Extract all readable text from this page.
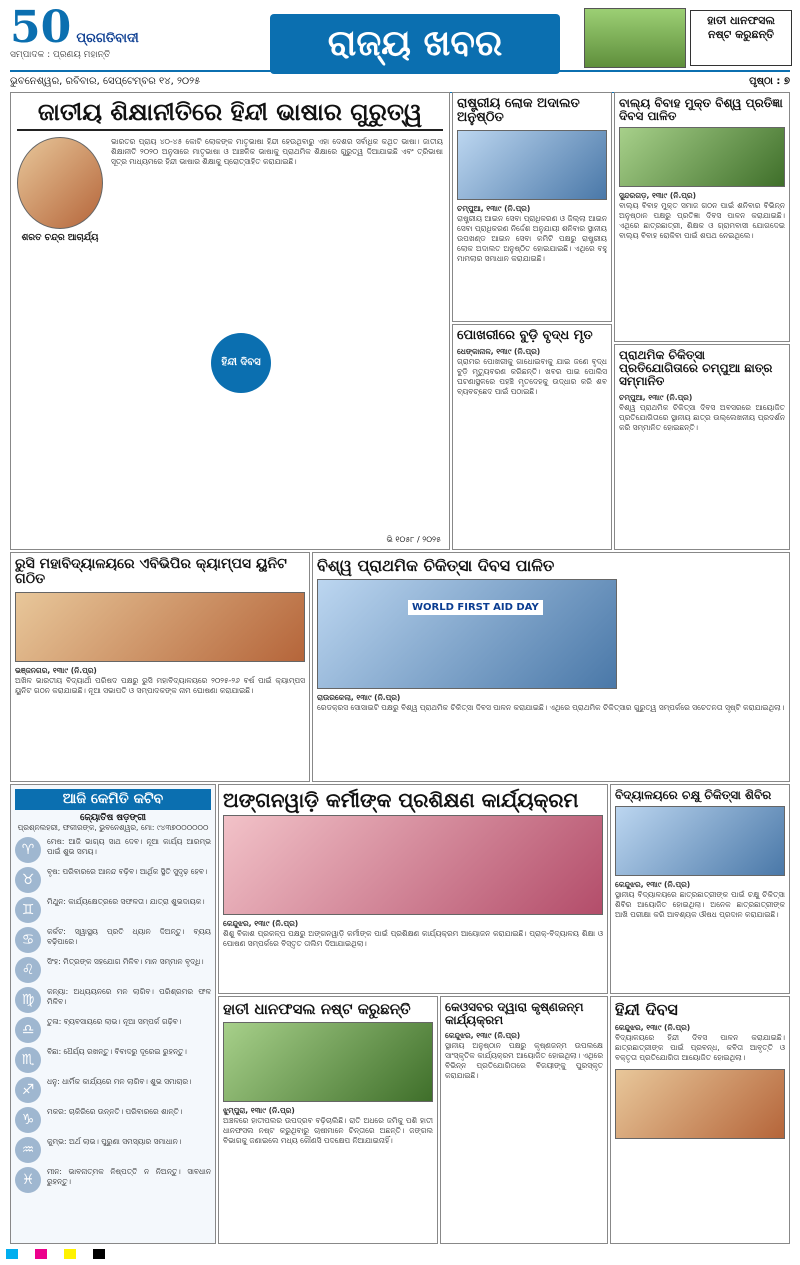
50 ପ୍ରଗତିବାଦୀ
ସମ୍ପାଦକ : ପ୍ରଣୟ ମହାନ୍ତି	ରାଜ୍ୟ ଖବର
ହାତୀ ଧାନଫସଲ ନଷ୍ଟ କରୁଛନ୍ତି
ଭୁବନେଶ୍ୱର, ରବିବାର, ସେପ୍ଟେମ୍ବର ୧୪, ୨୦୨୫	ପୃଷ୍ଠା : ୭
ଜାତୀୟ ଶିକ୍ଷାନୀତିରେ ହିନ୍ଦୀ ଭାଷାର ଗୁରୁତ୍ୱ
ଶରତ ଚନ୍ଦ୍ର ଆଚାର୍ଯ୍ୟ
ଭାରତର ପ୍ରାୟ ୪୦-୪୫ କୋଟି ଲୋକଙ୍କ ମାତୃଭାଷା ହିନ୍ଦୀ ହେଉଥିବାରୁ ଏହା ଦେଶର ସର୍ବାଧିକ କଥିତ ଭାଷା। ଜାତୀୟ ଶିକ୍ଷାନୀତି ୨୦୨୦ ଅନୁସାରେ ମାତୃଭାଷା ଓ ଆଞ୍ଚଳିକ ଭାଷାକୁ ପ୍ରାଥମିକ ଶିକ୍ଷାରେ ଗୁରୁତ୍ୱ ଦିଆଯାଇଛି ଏବଂ ତ୍ରିଭାଷା ସୂତ୍ର ମାଧ୍ୟମରେ ହିନ୍ଦୀ ଭାଷାର ଶିକ୍ଷାକୁ ପ୍ରୋତ୍ସାହିତ କରାଯାଇଛି।
ହିନ୍ଦୀ ଦିବସ
ଭି ୧୦୫୮ / ୨୦୨୫
ରାଷ୍ଟ୍ରୀୟ ଲୋକ ଅଦାଲତ ଅନୁଷ୍ଠିତ
ଚମ୍ପୁଆ, ୧୩ା୯ (ନି.ପ୍ର)
ରାଷ୍ଟ୍ରୀୟ ଆଇନ ସେବା ପ୍ରାଧିକରଣ ଓ ଜିଲ୍ଲା ଆଇନ ସେବା ପ୍ରାଧିକରଣ ନିର୍ଦ୍ଦେଶ ଅନୁଯାୟୀ ଶନିବାର ସ୍ଥାନୀୟ ଉପଖଣ୍ଡ ଆଇନ ସେବା କମିଟି ପକ୍ଷରୁ ରାଷ୍ଟ୍ରୀୟ ଲୋକ ଅଦାଲତ ଅନୁଷ୍ଠିତ ହୋଇଯାଇଛି। ଏଥିରେ ବହୁ ମାମଲାର ସମାଧାନ କରାଯାଇଛି।
ପୋଖରୀରେ ବୁଡ଼ି ବୃଦ୍ଧ ମୃତ
ଧେଙ୍କାନାଳ, ୧୩ା୯ (ନି.ପ୍ର)
ଗ୍ରାମର ପୋଖରୀକୁ ଗାଧୋଇବାକୁ ଯାଇ ଜଣେ ବୃଦ୍ଧ ବୁଡ଼ି ମୃତ୍ୟୁବରଣ କରିଛନ୍ତି। ଖବର ପାଇ ପୋଲିସ ଘଟଣାସ୍ଥଳରେ ପହଞ୍ଚି ମୃତଦେହକୁ ଉଦ୍ଧାର କରି ଶବ ବ୍ୟବଚ୍ଛେଦ ପାଇଁ ପଠାଇଛି।
ବାଲ୍ୟ ବିବାହ ମୁକ୍ତ ବିଶ୍ୱ ପ୍ରତିଜ୍ଞା ଦିବସ ପାଳିତ
ସୁନ୍ଦରଗଡ଼, ୧୩ା୯ (ନି.ପ୍ର)
ବାଲ୍ୟ ବିବାହ ମୁକ୍ତ ସମାଜ ଗଠନ ପାଇଁ ଶନିବାର ବିଭିନ୍ନ ଅନୁଷ୍ଠାନ ପକ୍ଷରୁ ପ୍ରତିଜ୍ଞା ଦିବସ ପାଳନ କରାଯାଇଛି। ଏଥିରେ ଛାତ୍ରଛାତ୍ରୀ, ଶିକ୍ଷକ ଓ ଗ୍ରାମବାସୀ ଯୋଗଦେଇ ବାଲ୍ୟ ବିବାହ ରୋକିବା ପାଇଁ ଶପଥ ନେଇଥିଲେ।
ପ୍ରାଥମିକ ଚିକିତ୍ସା ପ୍ରତିଯୋଗିତାରେ ଚମ୍ପୁଆ ଛାତ୍ର ସମ୍ମାନିତ
ଚମ୍ପୁଆ, ୧୩ା୯ (ନି.ପ୍ର)
ବିଶ୍ୱ ପ୍ରାଥମିକ ଚିକିତ୍ସା ଦିବସ ଅବସରରେ ଆୟୋଜିତ ପ୍ରତିଯୋଗିତାରେ ସ୍ଥାନୀୟ ଛାତ୍ର ଉଲ୍ଲେଖନୀୟ ପ୍ରଦର୍ଶନ କରି ସମ୍ମାନିତ ହୋଇଛନ୍ତି।
ରୁସି ମହାବିଦ୍ୟାଳୟରେ ଏବିଭିପିର କ୍ୟାମ୍ପସ ୟୁନିଟ ଗଠିତ
ଭଞ୍ଜନଗର, ୧୩ା୯ (ନି.ପ୍ର)
ଅଖିଳ ଭାରତୀୟ ବିଦ୍ୟାର୍ଥୀ ପରିଷଦ ପକ୍ଷରୁ ରୁସି ମହାବିଦ୍ୟାଳୟରେ ୨୦୨୫-୨୬ ବର୍ଷ ପାଇଁ କ୍ୟାମ୍ପସ ୟୁନିଟ ଗଠନ କରାଯାଇଛି। ନୂଆ ସଭାପତି ଓ ସମ୍ପାଦକଙ୍କ ନାମ ଘୋଷଣା କରାଯାଇଛି।
ବିଶ୍ୱ ପ୍ରାଥମିକ ଚିକିତ୍ସା ଦିବସ ପାଳିତ
WORLD FIRST AID DAY
ରାଉରକେଲା, ୧୩ା୯ (ନି.ପ୍ର)
ରେଡକ୍ରସ ସୋସାଇଟି ପକ୍ଷରୁ ବିଶ୍ୱ ପ୍ରାଥମିକ ଚିକିତ୍ସା ଦିବସ ପାଳନ କରାଯାଇଛି। ଏଥିରେ ପ୍ରାଥମିକ ଚିକିତ୍ସାର ଗୁରୁତ୍ୱ ସମ୍ପର୍କରେ ସଚେତନତା ସୃଷ୍ଟି କରାଯାଇଥିଲା।
ଆଜି କେମିତି କଟିବ
ଜ୍ୟୋତିଷ ଷଡ଼ଙ୍ଗୀ
ପ୍ରଶ୍ନଲହରୀ, ଫକୀରଙ୍କ, ଭୁବନେଶ୍ୱର, ମୋ: ୯୪୩୭୦୦୦୦୦୦
♈
ମେଷ: ଆଜି ଭାଗ୍ୟ ସାଥ ଦେବ। ନୂଆ କାର୍ଯ୍ୟ ଆରମ୍ଭ ପାଇଁ ଶୁଭ ସମୟ।
♉
ବୃଷ: ପରିବାରରେ ଆନନ୍ଦ ବଢ଼ିବ। ଆର୍ଥିକ ସ୍ଥିତି ସୁଦୃଢ଼ ହେବ।
♊
ମିଥୁନ: କାର୍ଯ୍ୟକ୍ଷେତ୍ରରେ ସଫଳତା। ଯାତ୍ରା ଶୁଭଦାୟକ।
♋
କର୍କଟ: ସ୍ୱାସ୍ଥ୍ୟ ପ୍ରତି ଧ୍ୟାନ ଦିଅନ୍ତୁ। ବ୍ୟୟ ବଢ଼ିପାରେ।
♌
ସିଂହ: ମିତ୍ରଙ୍କ ସହଯୋଗ ମିଳିବ। ମାନ ସମ୍ମାନ ବୃଦ୍ଧି।
♍
କନ୍ୟା: ଅଧ୍ୟୟନରେ ମନ ଲାଗିବ। ପରିଶ୍ରମର ଫଳ ମିଳିବ।
♎
ତୁଳା: ବ୍ୟବସାୟରେ ଲାଭ। ନୂଆ ସମ୍ପର୍କ ଗଢ଼ିବ।
♏
ବିଛା: ଧୈର୍ଯ୍ୟ ରଖନ୍ତୁ। ବିବାଦରୁ ଦୂରେଇ ରୁହନ୍ତୁ।
♐
ଧନୁ: ଧାର୍ମିକ କାର୍ଯ୍ୟରେ ମନ ଲାଗିବ। ଶୁଭ ସମାଚାର।
♑
ମକର: ଚାକିରିରେ ଉନ୍ନତି। ପରିବାରରେ ଶାନ୍ତି।
♒
କୁମ୍ଭ: ଅର୍ଥ ଲାଭ। ପୁରୁଣା ସମସ୍ୟାର ସମାଧାନ।
♓
ମୀନ: ଭାବନାତ୍ମକ ନିଷ୍ପତ୍ତି ନ ନିଅନ୍ତୁ। ସାବଧାନ ରୁହନ୍ତୁ।
ଅଙ୍ଗନୱାଡ଼ି କର୍ମୀଙ୍କ ପ୍ରଶିକ୍ଷଣ କାର୍ଯ୍ୟକ୍ରମ
କେନ୍ଦୁଝର, ୧୩ା୯ (ନି.ପ୍ର)
ଶିଶୁ ବିକାଶ ପ୍ରକଳ୍ପ ପକ୍ଷରୁ ଅଙ୍ଗନୱାଡ଼ି କର୍ମୀଙ୍କ ପାଇଁ ପ୍ରଶିକ୍ଷଣ କାର୍ଯ୍ୟକ୍ରମ ଆୟୋଜନ କରାଯାଇଛି। ପ୍ରାକ୍-ବିଦ୍ୟାଳୟ ଶିକ୍ଷା ଓ ପୋଷଣ ସମ୍ପର୍କରେ ବିସ୍ତୃତ ତାଲିମ ଦିଆଯାଇଥିଲା।
ବିଦ୍ୟାଳୟରେ ଚକ୍ଷୁ ଚିକିତ୍ସା ଶିବିର
କେନ୍ଦୁଝର, ୧୩ା୯ (ନି.ପ୍ର)
ସ୍ଥାନୀୟ ବିଦ୍ୟାଳୟରେ ଛାତ୍ରଛାତ୍ରୀଙ୍କ ପାଇଁ ଚକ୍ଷୁ ଚିକିତ୍ସା ଶିବିର ଆୟୋଜିତ ହୋଇଥିଲା। ଅନେକ ଛାତ୍ରଛାତ୍ରୀଙ୍କ ଆଖି ପରୀକ୍ଷା କରି ଆବଶ୍ୟକ ଔଷଧ ପ୍ରଦାନ କରାଯାଇଛି।
ହାତୀ ଧାନଫସଲ ନଷ୍ଟ କରୁଛନ୍ତି
ଝୁମ୍ପୁରା, ୧୩ା୯ (ନି.ପ୍ର)
ଅଞ୍ଚଳରେ ହାତୀପଲର ଉପଦ୍ରବ ବଢ଼ିଚାଲିଛି। ରାତି ଅଧରେ ଜମିକୁ ପଶି ହାତୀ ଧାନଫସଲ ନଷ୍ଟ କରୁଥିବାରୁ ଚାଷୀମାନେ ଚିନ୍ତାରେ ଅଛନ୍ତି। ଜଙ୍ଗଲ ବିଭାଗକୁ ଜଣାଇଲେ ମଧ୍ୟ କୌଣସି ପଦକ୍ଷେପ ନିଆଯାଇନାହିଁ।
କେଓସବର ଦ୍ୱାରା କୃଷ୍ଣଜନ୍ମ କାର୍ଯ୍ୟକ୍ରମ
କେନ୍ଦୁଝର, ୧୩ା୯ (ନି.ପ୍ର)
ସ୍ଥାନୀୟ ଅନୁଷ୍ଠାନ ପକ୍ଷରୁ କୃଷ୍ଣଜନ୍ମ ଉପଲକ୍ଷେ ସାଂସ୍କୃତିକ କାର୍ଯ୍ୟକ୍ରମ ଆୟୋଜିତ ହୋଇଥିଲା। ଏଥିରେ ବିଭିନ୍ନ ପ୍ରତିଯୋଗିତାରେ ବିଜୟୀଙ୍କୁ ପୁରସ୍କୃତ କରାଯାଇଛି।
ହିନ୍ଦୀ ଦିବସ
କେନ୍ଦୁଝର, ୧୩ା୯ (ନି.ପ୍ର)
ବିଦ୍ୟାଳୟରେ ହିନ୍ଦୀ ଦିବସ ପାଳନ କରାଯାଇଛି। ଛାତ୍ରଛାତ୍ରୀଙ୍କ ପାଇଁ ପ୍ରବନ୍ଧ, କବିତା ଆବୃତ୍ତି ଓ ବକ୍ତୃତା ପ୍ରତିଯୋଗିତା ଆୟୋଜିତ ହୋଇଥିଲା।
